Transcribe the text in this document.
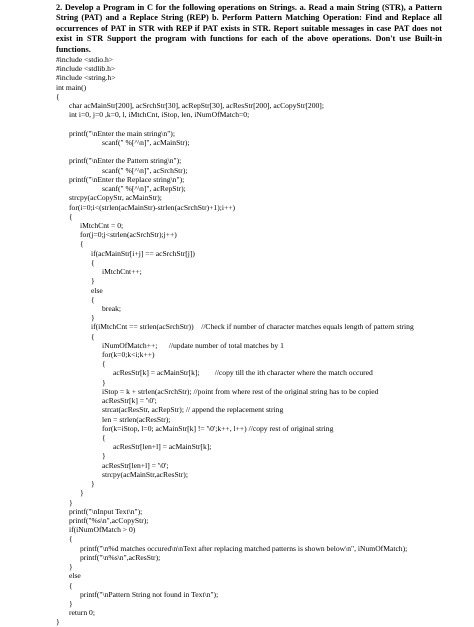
2. Develop a Program in C for the following operations on Strings. a. Read a main String (STR), a Pattern String (PAT) and a Replace String (REP) b. Perform Pattern Matching Operation: Find and Replace all occurrences of PAT in STR with REP if PAT exists in STR. Report suitable messages in case PAT does not exist in STR Support the program with functions for each of the above operations. Don't use Built-in functions.

#include <stdio.h>
#include <stdlib.h>
#include <string.h>
int main()
{
char acMainStr[200], acSrchStr[30], acRepStr[30], acResStr[200], acCopyStr[200];
int i=0, j=0 ,k=0, l, iMtchCnt, iStop, len, iNumOfMatch=0;
printf("\nEnter the main string\n");
scanf(" %[^\n]", acMainStr);
printf("\nEnter the Pattern string\n");
scanf(" %[^\n]", acSrchStr);
printf("\nEnter the Replace string\n");
scanf(" %[^\n]", acRepStr);
strcpy(acCopyStr, acMainStr);
for(i=0;i<(strlen(acMainStr)-strlen(acSrchStr)+1);i++)
{
iMtchCnt = 0;
for(j=0;j<strlen(acSrchStr);j++)
{
if(acMainStr[i+j] == acSrchStr[j])
{
iMtchCnt++;
}
else
{
break;
}
if(iMtchCnt == strlen(acSrchStr))    //Check if number of character matches equals length of pattern string
{
iNumOfMatch++;      //update number of total matches by 1
for(k=0;k<i;k++)
{
acResStr[k] = acMainStr[k];        //copy till the ith character where the match occured
}
iStop = k + strlen(acSrchStr); //point from where rest of the original string has to be copied
acResStr[k] = '\0';
strcat(acResStr, acRepStr); // append the replacement string
len = strlen(acResStr);
for(k=iStop, l=0; acMainStr[k] != '\0';k++, l++) //copy rest of original string
{
acResStr[len+l] = acMainStr[k];
}
acResStr[len+l] = '\0';
strcpy(acMainStr,acResStr);
}
}
}
printf("\nInput Text\n");
printf("%s\n",acCopyStr);
if(iNumOfMatch > 0)
{
printf("\n%d matches occured\n\nText after replacing matched patterns is shown below\n", iNumOfMatch);
printf("\n%s\n",acResStr);
}
else
{
printf("\nPattern String not found in Text\n");
}
return 0;
}
